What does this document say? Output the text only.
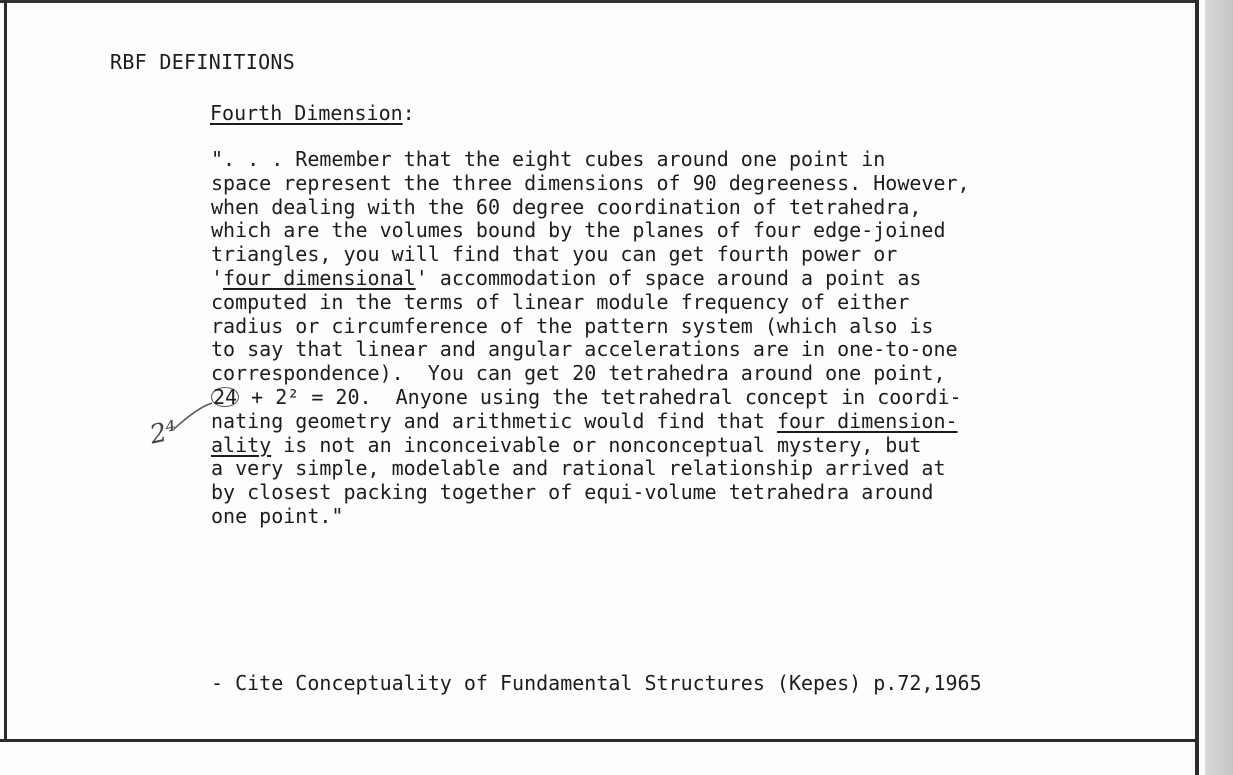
RBF DEFINITIONS
Fourth Dimension:
". . . Remember that the eight cubes around one point in
space represent the three dimensions of 90 degreeness. However,
when dealing with the 60 degree coordination of tetrahedra,
which are the volumes bound by the planes of four edge-joined
triangles, you will find that you can get fourth power or
'four dimensional' accommodation of space around a point as
computed in the terms of linear module frequency of either
radius or circumference of the pattern system (which also is
to say that linear and angular accelerations are in one-to-one
correspondence).  You can get 20 tetrahedra around one point,
24 + 2² = 20.  Anyone using the tetrahedral concept in coordi-
nating geometry and arithmetic would find that four dimension-
ality is not an inconceivable or nonconceptual mystery, but
a very simple, modelable and rational relationship arrived at
by closest packing together of equi-volume tetrahedra around
one point."
2⁴
- Cite Conceptuality of Fundamental Structures (Kepes) p.72,1965
